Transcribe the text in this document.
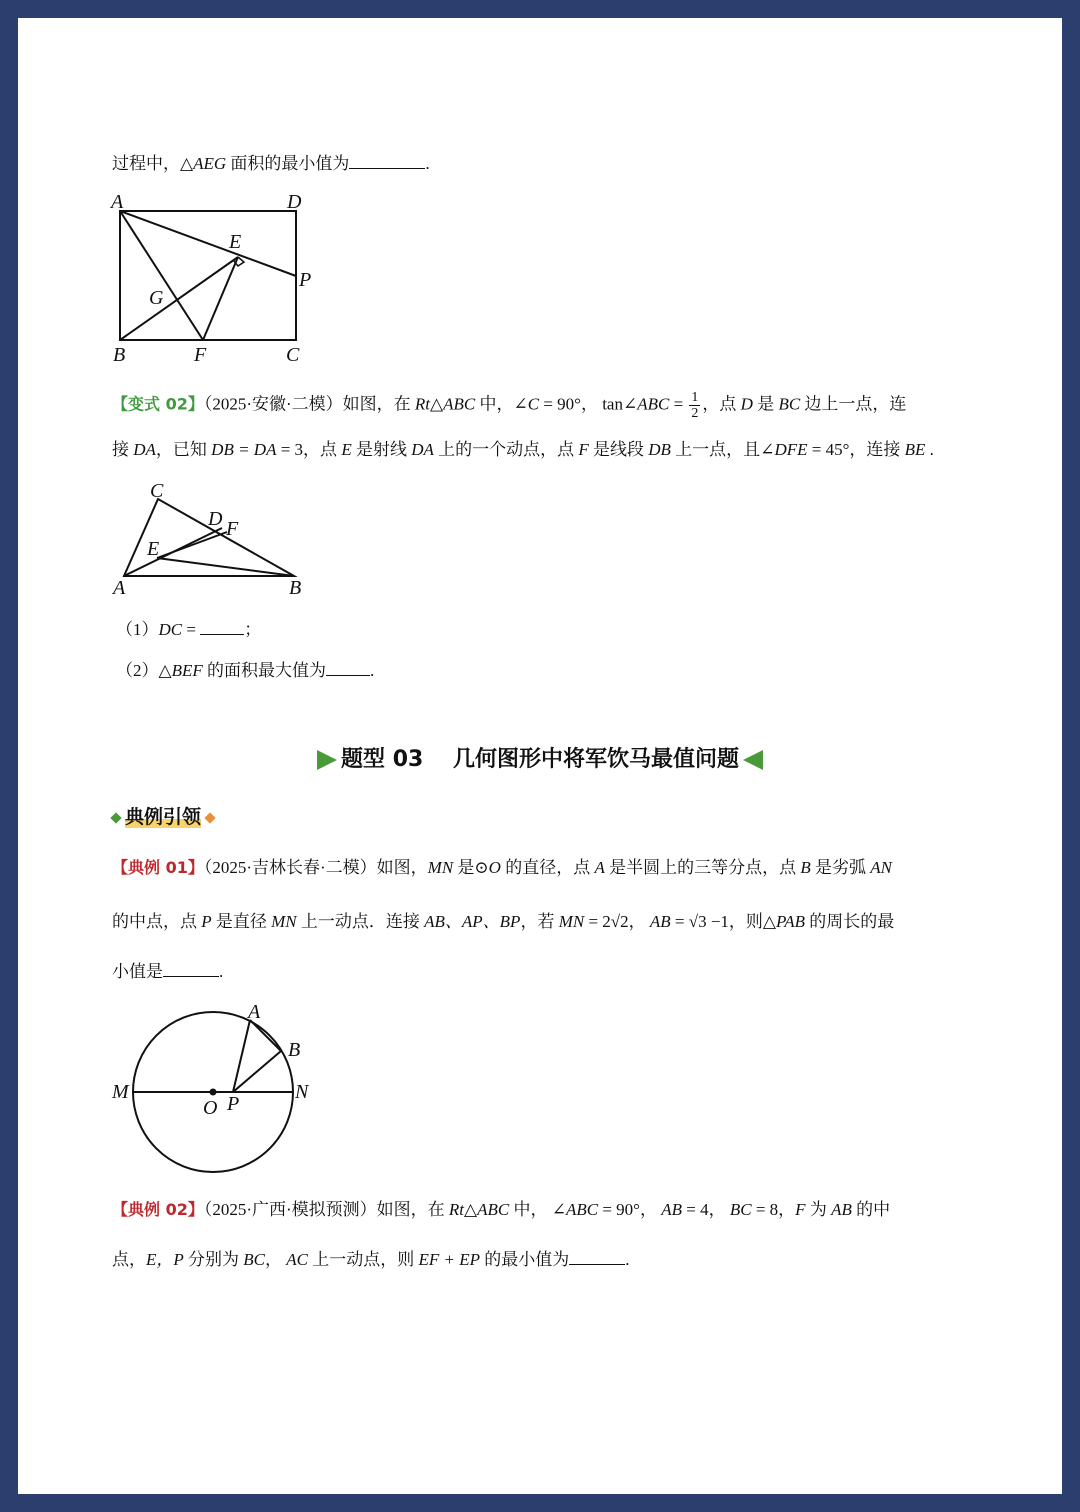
过程中，△AEG 面积的最小值为	.
A	D
E
P
G
B	F	C
【变式 02】（2025·安徽·二模）如图，在 Rt△ABC 中，∠C = 90°， tan∠ABC = $\frac{1}{2}$ ，点 D 是 BC 边上一点，连
接 DA，已知 DB = DA = 3，点 E 是射线 DA 上的一个动点，点 F 是线段 DB 上一点，且∠DFE = 45°，连接 BE .
C
D F
E
A	B
（1）DC =	；
（2）△BEF 的面积最大值为	.
题型 03　 几何图形中将军饮马最值问题
典例引领
【典例 01】（2025·吉林长春·二模）如图，MN 是⊙O 的直径，点 A 是半圆上的三等分点，点 B 是劣弧 AN
的中点，点 P 是直径 MN 上一动点．连接 AB、AP、BP，若 MN = 2√2， AB = √3 −1，则△PAB 的周长的最
小值是	.
A
B
M	N
O P
【典例 02】（2025·广西·模拟预测）如图，在 Rt△ABC 中， ∠ABC = 90°， AB = 4， BC = 8，F 为 AB 的中
点，E，P 分别为 BC， AC 上一动点，则 EF + EP 的最小值为	.
